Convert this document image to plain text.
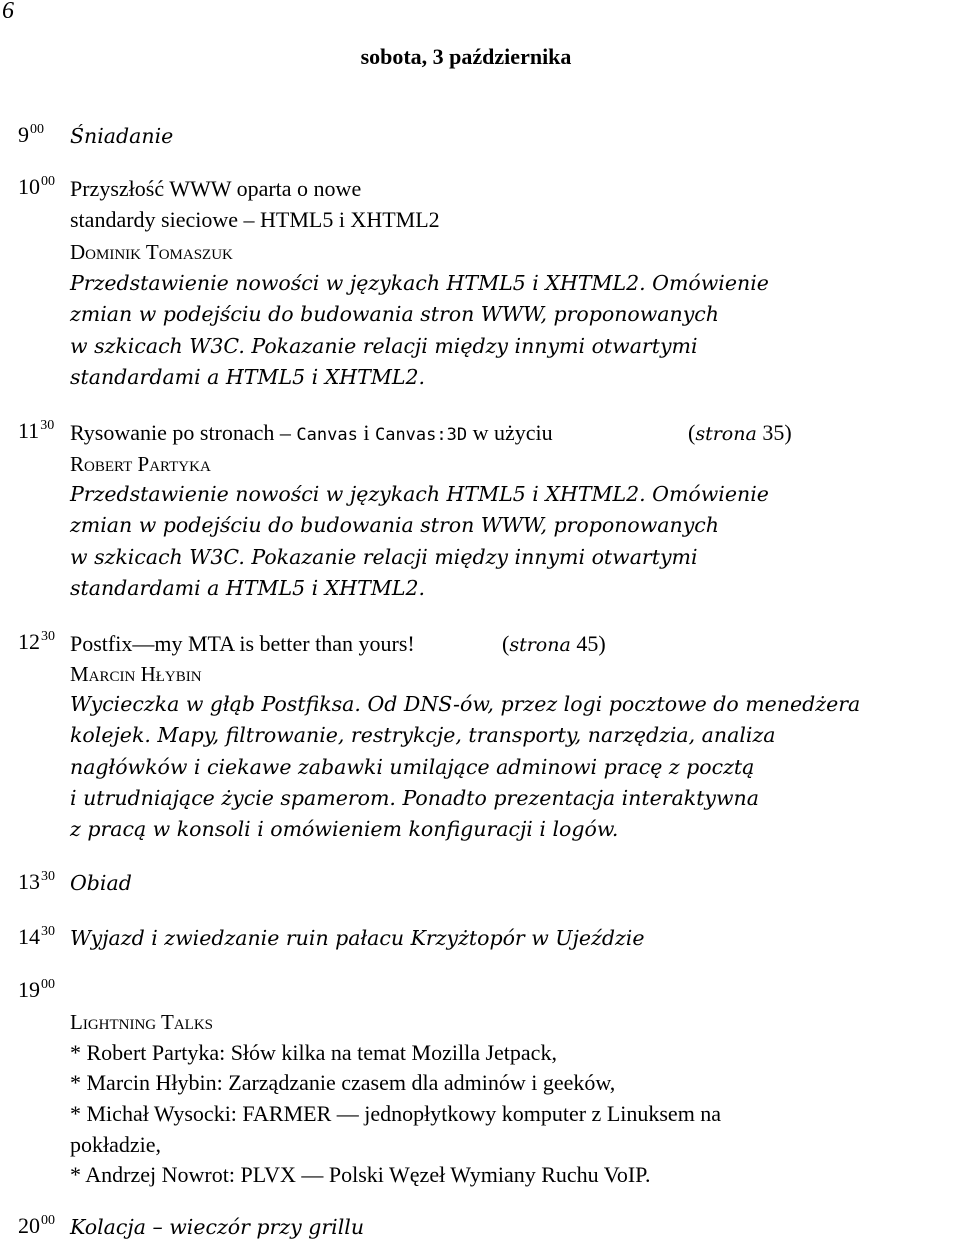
6
sobota, 3 października
$9^{00}$ Śniadanie
$10^{00}$ Przyszłość WWW oparta o nowe
standardy sieciowe – HTML5 i XHTML2
Dominik Tomaszuk
Przedstawienie nowości w językach HTML5 i XHTML2. Omówienie
zmian w podejściu do budowania stron WWW, proponowanych
w szkicach W3C. Pokazanie relacji między innymi otwartymi
standardami a HTML5 i XHTML2.
$11^{30}$ Rysowanie po stronach – Canvas i Canvas:3D w użyciu	(strona 35)
Robert Partyka
Przedstawienie nowości w językach HTML5 i XHTML2. Omówienie
zmian w podejściu do budowania stron WWW, proponowanych
w szkicach W3C. Pokazanie relacji między innymi otwartymi
standardami a HTML5 i XHTML2.
$12^{30}$ Postfix—my MTA is better than yours!	(strona 45)
Marcin Hłybin
Wycieczka w głąb Postfiksa. Od DNS-ów, przez logi pocztowe do menedżera
kolejek. Mapy, filtrowanie, restrykcje, transporty, narzędzia, analiza
nagłówków i ciekawe zabawki umilające adminowi pracę z pocztą
i utrudniające życie spamerom. Ponadto prezentacja interaktywna
z pracą w konsoli i omówieniem konfiguracji i logów.
$13^{30}$ Obiad
$14^{30}$ Wyjazd i zwiedzanie ruin pałacu Krzyżtopór w Ujeździe
$19^{00}$
Lightning Talks
* Robert Partyka: Słów kilka na temat Mozilla Jetpack,
* Marcin Hłybin: Zarządzanie czasem dla adminów i geeków,
* Michał Wysocki: FARMER — jednopłytkowy komputer z Linuksem na
pokładzie,
* Andrzej Nowrot: PLVX — Polski Węzeł Wymiany Ruchu VoIP.
$20^{00}$ Kolacja – wieczór przy grillu
